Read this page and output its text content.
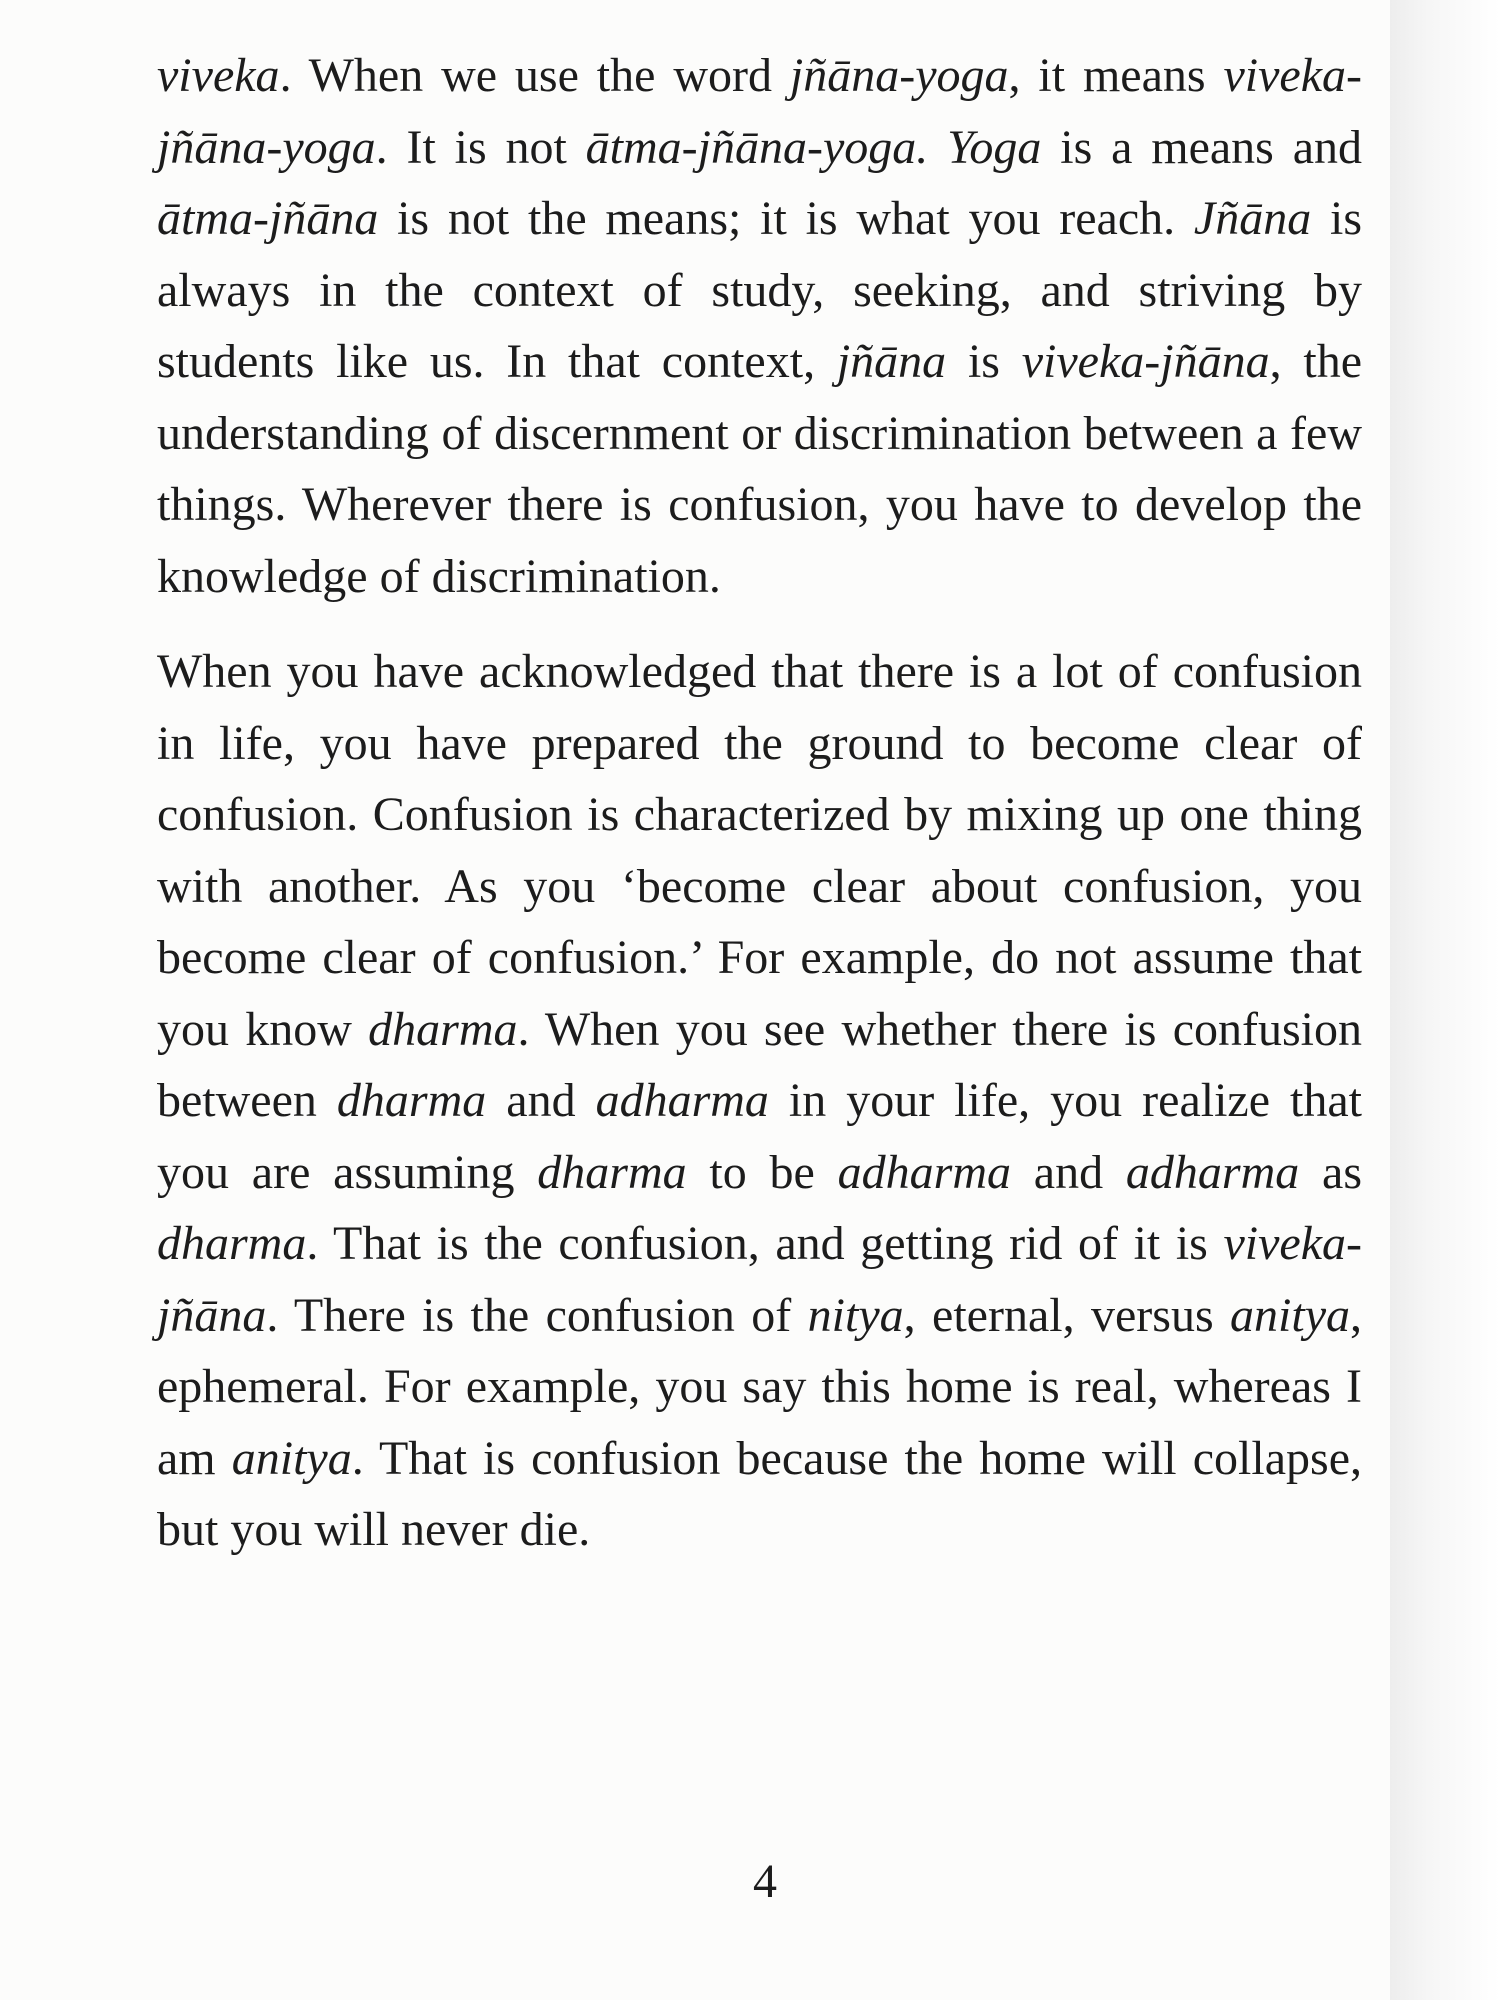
viveka. When we use the word jñāna-yoga, it means viveka-jñāna-yoga. It is not ātma-jñāna-yoga. Yoga is a means and ātma-jñāna is not the means; it is what you reach. Jñāna is always in the context of study, seeking, and striving by students like us. In that context, jñāna is viveka-jñāna, the understanding of discernment or discrimination between a few things. Wherever there is confusion, you have to develop the knowledge of discrimination.

When you have acknowledged that there is a lot of confusion in life, you have prepared the ground to become clear of confusion. Confusion is characterized by mixing up one thing with another. As you ‘become clear about confusion, you become clear of confusion.’ For example, do not assume that you know dharma. When you see whether there is confusion between dharma and adharma in your life, you realize that you are assuming dharma to be adharma and adharma as dharma. That is the confusion, and getting rid of it is viveka-jñāna. There is the confusion of nitya, eternal, versus anitya, ephemeral. For example, you say this home is real, whereas I am anitya. That is confusion because the home will collapse, but you will never die.

4
